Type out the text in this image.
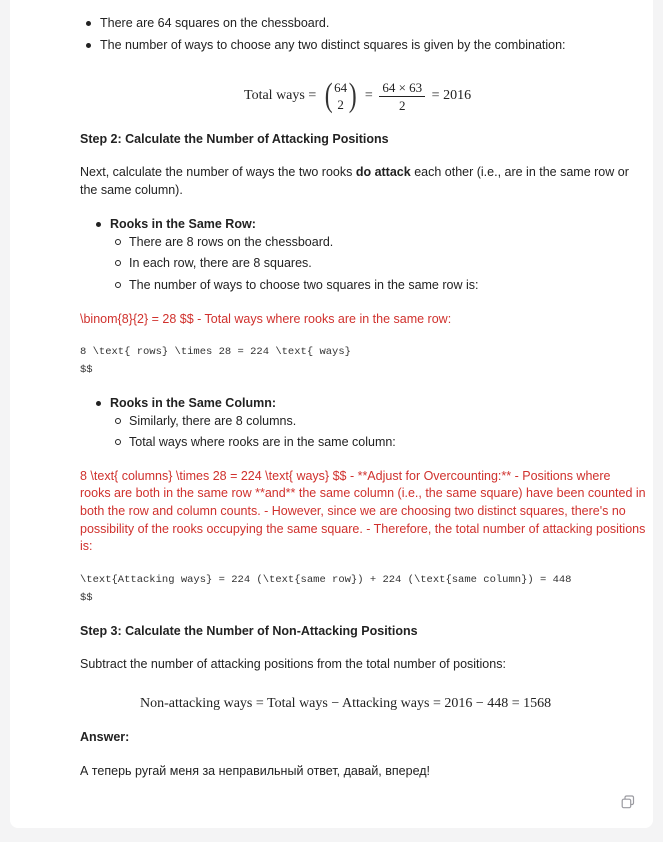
There are 64 squares on the chessboard.
The number of ways to choose any two distinct squares is given by the combination:
Total ways = ( 64
2 ) = $\frac{64 \times 63}{2} = 2016$
Step 2: Calculate the Number of Attacking Positions
Next, calculate the number of ways the two rooks do attack each other (i.e., are in the same row or the same column).
Rooks in the Same Row:
There are 8 rows on the chessboard.
In each row, there are 8 squares.
The number of ways to choose two squares in the same row is:
\binom{8}{2} = 28 $$ - Total ways where rooks are in the same row:
8 \text{ rows} \times 28 = 224 \text{ ways}
$$
Rooks in the Same Column:
Similarly, there are 8 columns.
Total ways where rooks are in the same column:
8 \text{ columns} \times 28 = 224 \text{ ways} $$ - **Adjust for Overcounting:** - Positions where
rooks are both in the same row **and** the same column (i.e., the same square) have been counted in
both the row and column counts. - However, since we are choosing two distinct squares, there's no
possibility of the rooks occupying the same square. - Therefore, the total number of attacking positions
is:
\text{Attacking ways} = 224 (\text{same row}) + 224 (\text{same column}) = 448
$$
Step 3: Calculate the Number of Non-Attacking Positions
Subtract the number of attacking positions from the total number of positions:
Non-attacking ways = Total ways − Attacking ways = 2016 − 448 = 1568
Answer:
А теперь ругай меня за неправильный ответ, давай, вперед!
